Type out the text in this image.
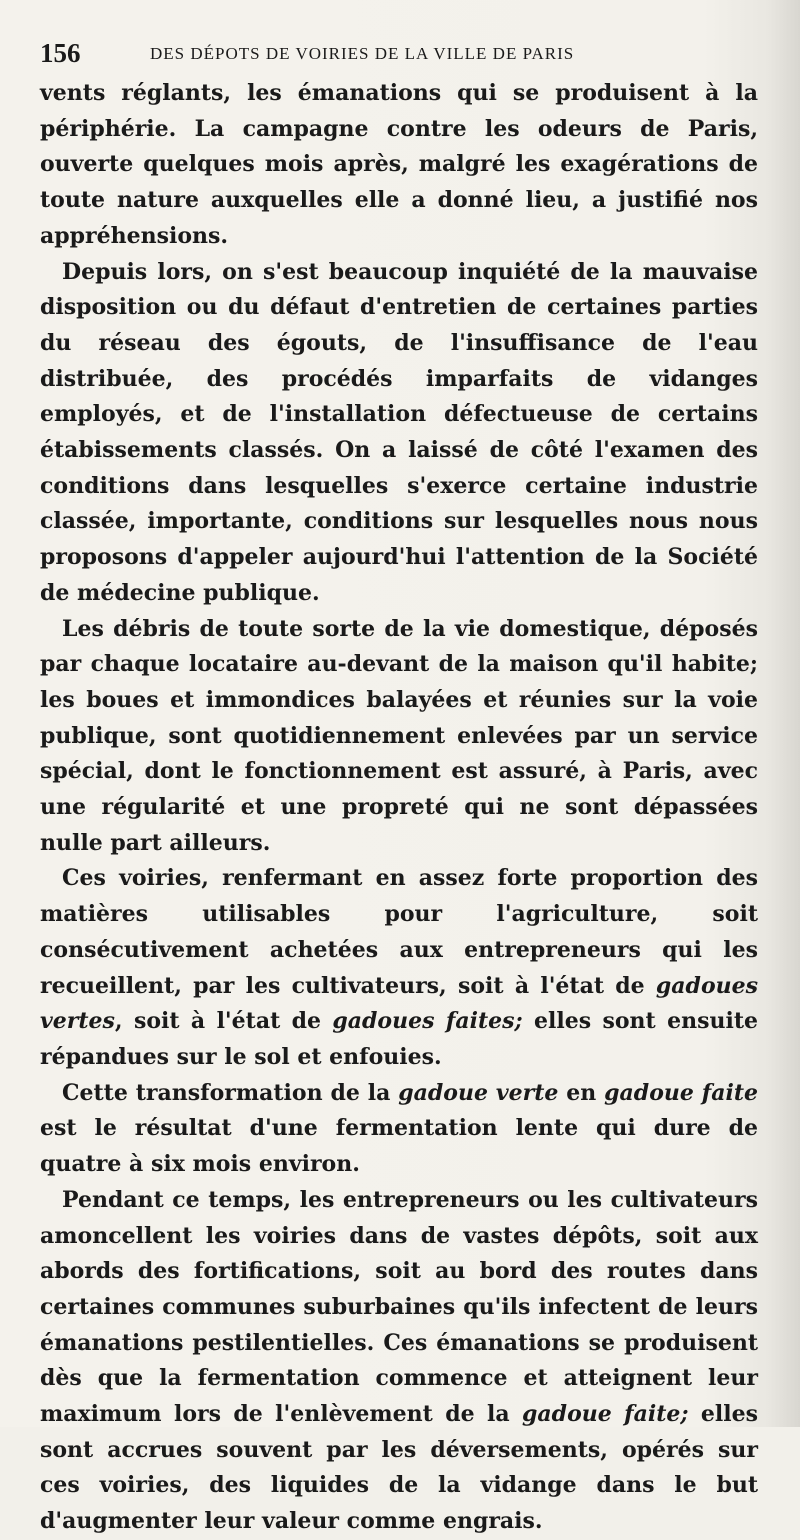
156	DES DÉPOTS DE VOIRIES DE LA VILLE DE PARIS

vents réglants, les émanations qui se produisent à la périphérie. La campagne contre les odeurs de Paris, ouverte quelques mois après, malgré les exagérations de toute nature auxquelles elle a donné lieu, a justifié nos appréhensions.

Depuis lors, on s'est beaucoup inquiété de la mauvaise disposition ou du défaut d'entretien de certaines parties du réseau des égouts, de l'insuffisance de l'eau distribuée, des procédés imparfaits de vidanges employés, et de l'installation défectueuse de certains étabissements classés. On a laissé de côté l'examen des conditions dans lesquelles s'exerce certaine industrie classée, importante, conditions sur lesquelles nous nous proposons d'appeler aujourd'hui l'attention de la Société de médecine publique.

Les débris de toute sorte de la vie domestique, déposés par chaque locataire au-devant de la maison qu'il habite; les boues et immondices balayées et réunies sur la voie publique, sont quotidiennement enlevées par un service spécial, dont le fonctionnement est assuré, à Paris, avec une régularité et une propreté qui ne sont dépassées nulle part ailleurs.

Ces voiries, renfermant en assez forte proportion des matières utilisables pour l'agriculture, soit consécutivement achetées aux entrepreneurs qui les recueillent, par les cultivateurs, soit à l'état de gadoues vertes, soit à l'état de gadoues faites; elles sont ensuite répandues sur le sol et enfouies.

Cette transformation de la gadoue verte en gadoue faite est le résultat d'une fermentation lente qui dure de quatre à six mois environ.

Pendant ce temps, les entrepreneurs ou les cultivateurs amoncellent les voiries dans de vastes dépôts, soit aux abords des fortifications, soit au bord des routes dans certaines communes suburbaines qu'ils infectent de leurs émanations pestilentielles. Ces émanations se produisent dès que la fermentation commence et atteignent leur maximum lors de l'enlèvement de la gadoue faite; elles sont accrues souvent par les déversements, opérés sur ces voiries, des liquides de la vidange dans le but d'augmenter leur valeur comme engrais.
